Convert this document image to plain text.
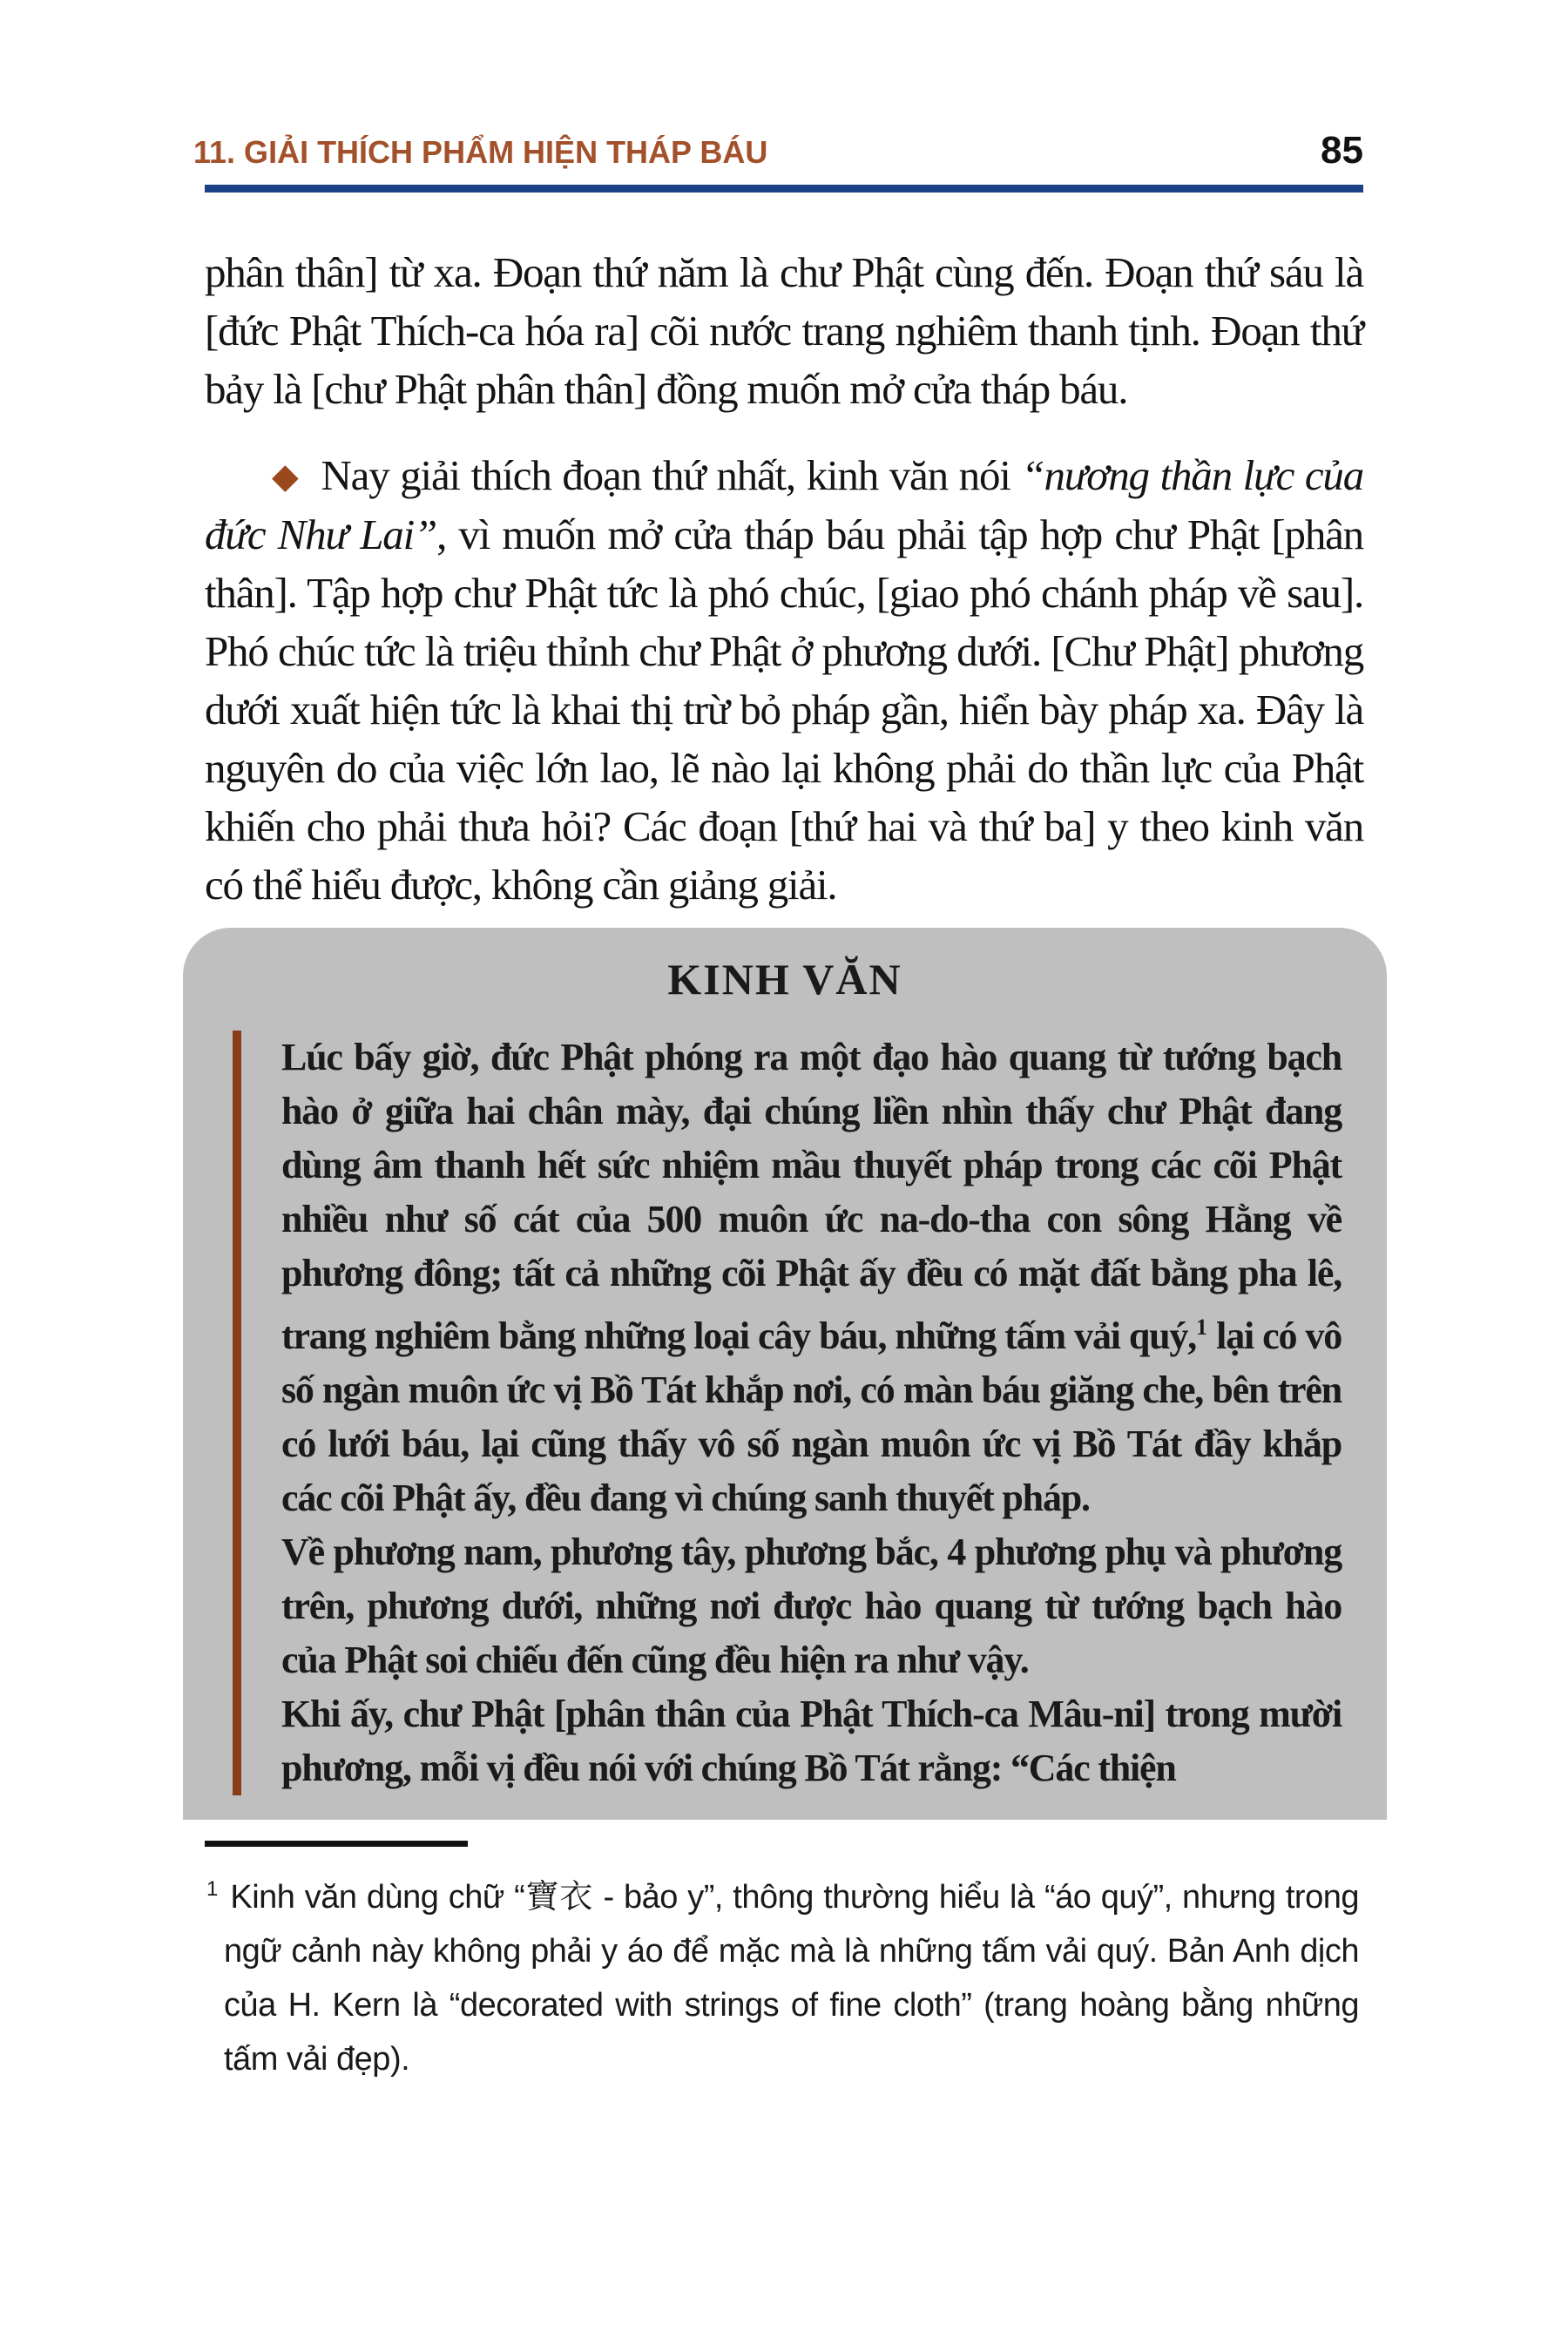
11. GIẢI THÍCH PHẨM HIỆN THÁP BÁU	85

phân thân] từ xa. Đoạn thứ năm là chư Phật cùng đến. Đoạn thứ sáu là [đức Phật Thích-ca hóa ra] cõi nước trang nghiêm thanh tịnh. Đoạn thứ bảy là [chư Phật phân thân] đồng muốn mở cửa tháp báu.

◆ Nay giải thích đoạn thứ nhất, kinh văn nói “nương thần lực của đức Như Lai”, vì muốn mở cửa tháp báu phải tập hợp chư Phật [phân thân]. Tập hợp chư Phật tức là phó chúc, [giao phó chánh pháp về sau]. Phó chúc tức là triệu thỉnh chư Phật ở phương dưới. [Chư Phật] phương dưới xuất hiện tức là khai thị trừ bỏ pháp gần, hiển bày pháp xa. Đây là nguyên do của việc lớn lao, lẽ nào lại không phải do thần lực của Phật khiến cho phải thưa hỏi? Các đoạn [thứ hai và thứ ba] y theo kinh văn có thể hiểu được, không cần giảng giải.

KINH VĂN

Lúc bấy giờ, đức Phật phóng ra một đạo hào quang từ tướng bạch hào ở giữa hai chân mày, đại chúng liền nhìn thấy chư Phật đang dùng âm thanh hết sức nhiệm mầu thuyết pháp trong các cõi Phật nhiều như số cát của 500 muôn ức na-do-tha con sông Hằng về phương đông; tất cả những cõi Phật ấy đều có mặt đất bằng pha lê, trang nghiêm bằng những loại cây báu, những tấm vải quý,$^1$ lại có vô số ngàn muôn ức vị Bồ Tát khắp nơi, có màn báu giăng che, bên trên có lưới báu, lại cũng thấy vô số ngàn muôn ức vị Bồ Tát đầy khắp các cõi Phật ấy, đều đang vì chúng sanh thuyết pháp.

Về phương nam, phương tây, phương bắc, 4 phương phụ và phương trên, phương dưới, những nơi được hào quang từ tướng bạch hào của Phật soi chiếu đến cũng đều hiện ra như vậy.

Khi ấy, chư Phật [phân thân của Phật Thích-ca Mâu-ni] trong mười phương, mỗi vị đều nói với chúng Bồ Tát rằng: “Các thiện

$^1$ Kinh văn dùng chữ “寶衣 - bảo y”, thông thường hiểu là “áo quý”, nhưng trong ngữ cảnh này không phải y áo để mặc mà là những tấm vải quý. Bản Anh dịch của H. Kern là “decorated with strings of fine cloth” (trang hoàng bằng những tấm vải đẹp).
